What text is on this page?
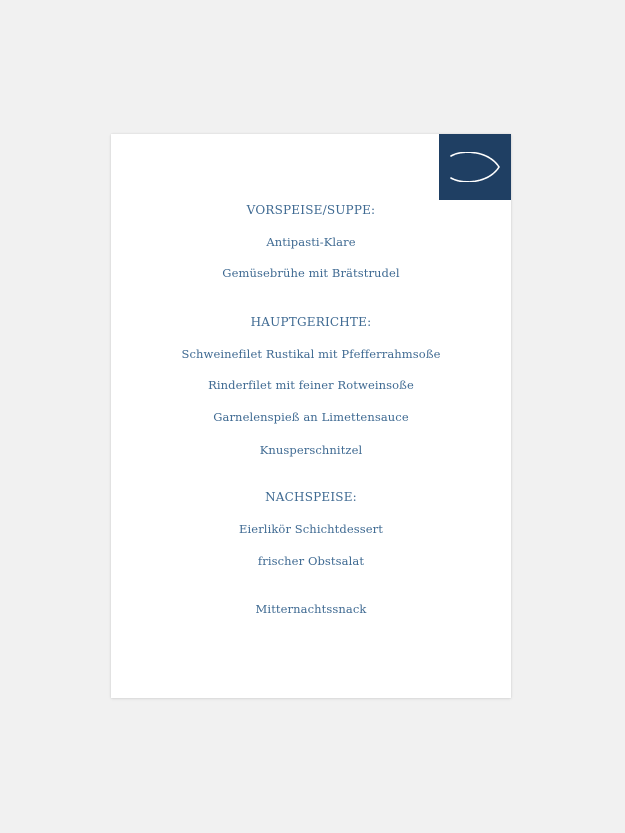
VORSPEISE/SUPPE:
Antipasti-Klare
Gemüsebrühe mit Brätstrudel
HAUPTGERICHTE:
Schweinefilet Rustikal mit Pfefferrahmsoße
Rinderfilet mit feiner Rotweinsoße
Garnelenspieß an Limettensauce
Knusperschnitzel
NACHSPEISE:
Eierlikör Schichtdessert
frischer Obstsalat
Mitternachtssnack
